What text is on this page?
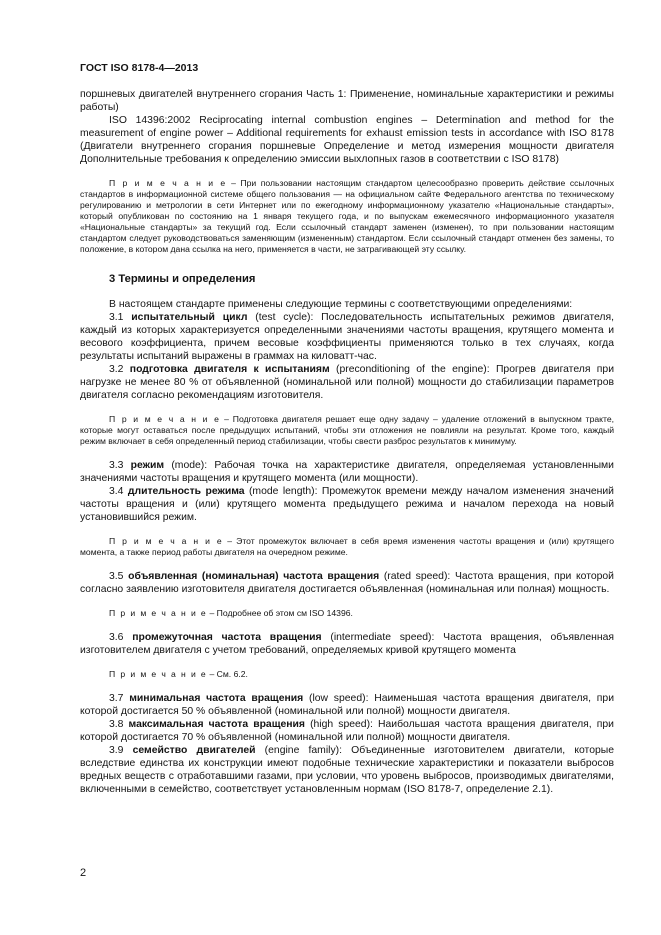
ГОСТ ISO 8178-4—2013

поршневых двигателей внутреннего сгорания Часть 1: Применение, номинальные характеристики и режимы работы)

ISO 14396:2002 Reciprocating internal combustion engines – Determination and method for the measurement of engine power – Additional requirements for exhaust emission tests in accordance with ISO 8178 (Двигатели внутреннего сгорания поршневые Определение и метод измерения мощности двигателя Дополнительные требования к определению эмиссии выхлопных газов в соответствии с ISO 8178)

П р и м е ч а н и е – При пользовании настоящим стандартом целесообразно проверить действие ссылочных стандартов в информационной системе общего пользования — на официальном сайте Федерального агентства по техническому регулированию и метрологии в сети Интернет или по ежегодному информационному указателю «Национальные стандарты», который опубликован по состоянию на 1 января текущего года, и по выпускам ежемесячного информационного указателя «Национальные стандарты» за текущий год. Если ссылочный стандарт заменен (изменен), то при пользовании настоящим стандартом следует руководствоваться заменяющим (измененным) стандартом. Если ссылочный стандарт отменен без замены, то положение, в котором дана ссылка на него, применяется в части, не затрагивающей эту ссылку.

3 Термины и определения

В настоящем стандарте применены следующие термины с соответствующими определениями:

3.1 испытательный цикл (test cycle): Последовательность испытательных режимов двигателя, каждый из которых характеризуется определенными значениями частоты вращения, крутящего момента и весового коэффициента, причем весовые коэффициенты применяются только в тех случаях, когда результаты испытаний выражены в граммах на киловатт-час.

3.2 подготовка двигателя к испытаниям (preconditioning of the engine): Прогрев двигателя при нагрузке не менее 80 % от объявленной (номинальной или полной) мощности до стабилизации параметров двигателя согласно рекомендациям изготовителя.

П р и м е ч а н и е – Подготовка двигателя решает еще одну задачу – удаление отложений в выпускном тракте, которые могут оставаться после предыдущих испытаний, чтобы эти отложения не повлияли на результат. Кроме того, каждый режим включает в себя определенный период стабилизации, чтобы свести разброс результатов к минимуму.

3.3 режим (mode): Рабочая точка на характеристике двигателя, определяемая установленными значениями частоты вращения и крутящего момента (или мощности).

3.4 длительность режима (mode length): Промежуток времени между началом изменения значений частоты вращения и (или) крутящего момента предыдущего режима и началом перехода на новый установившийся режим.

П р и м е ч а н и е – Этот промежуток включает в себя время изменения частоты вращения и (или) крутящего момента, а также период работы двигателя на очередном режиме.

3.5 объявленная (номинальная) частота вращения (rated speed): Частота вращения, при которой согласно заявлению изготовителя двигателя достигается объявленная (номинальная или полная) мощность.

П р и м е ч а н и е – Подробнее об этом см ISO 14396.

3.6 промежуточная частота вращения (intermediate speed): Частота вращения, объявленная изготовителем двигателя с учетом требований, определяемых кривой крутящего момента

П р и м е ч а н и е – См. 6.2.

3.7 минимальная частота вращения (low speed): Наименьшая частота вращения двигателя, при которой достигается 50 % объявленной (номинальной или полной) мощности двигателя.

3.8 максимальная частота вращения (high speed): Наибольшая частота вращения двигателя, при которой достигается 70 % объявленной (номинальной или полной) мощности двигателя.

3.9 семейство двигателей (engine family): Объединенные изготовителем двигатели, которые вследствие единства их конструкции имеют подобные технические характеристики и показатели выбросов вредных веществ с отработавшими газами, при условии, что уровень выбросов, производимых двигателями, включенными в семейство, соответствует установленным нормам (ISO 8178-7, определение 2.1).

2
